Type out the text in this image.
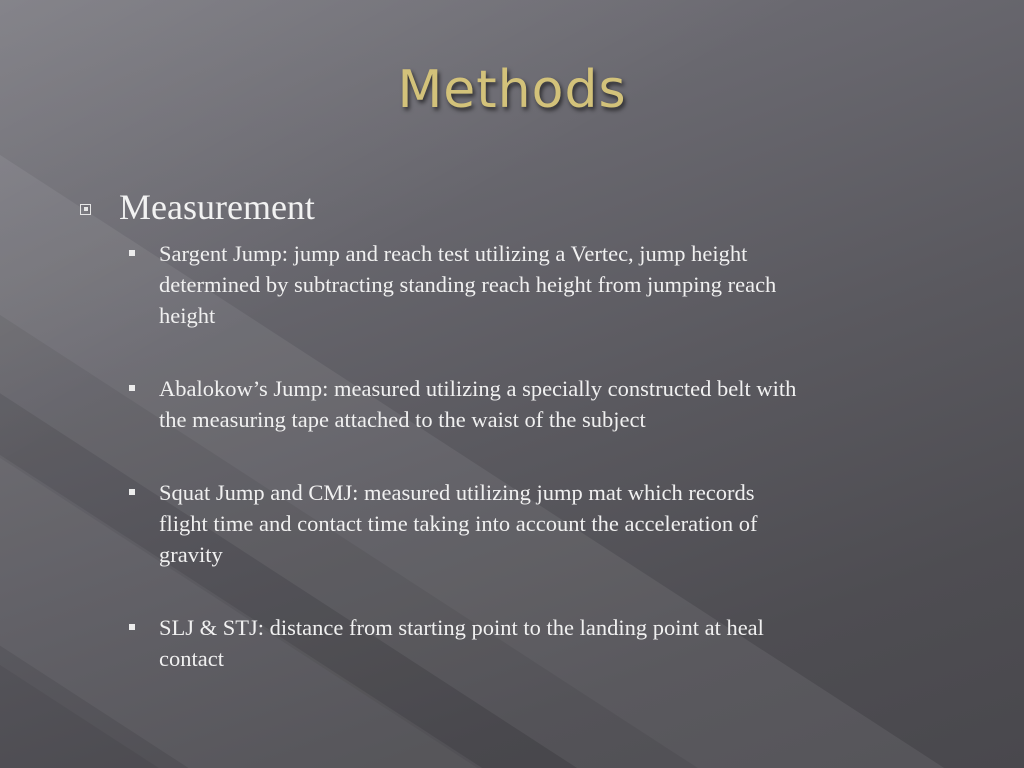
Methods
Measurement
Sargent Jump: jump and reach test utilizing a Vertec, jump height
determined by subtracting standing reach height from jumping reach
height
Abalokow’s Jump: measured utilizing a specially constructed belt with
the measuring tape attached to the waist of the subject
Squat Jump and CMJ: measured utilizing jump mat which records
flight time and contact time taking into account the acceleration of
gravity
SLJ & STJ: distance from starting point to the landing point at heal
contact
